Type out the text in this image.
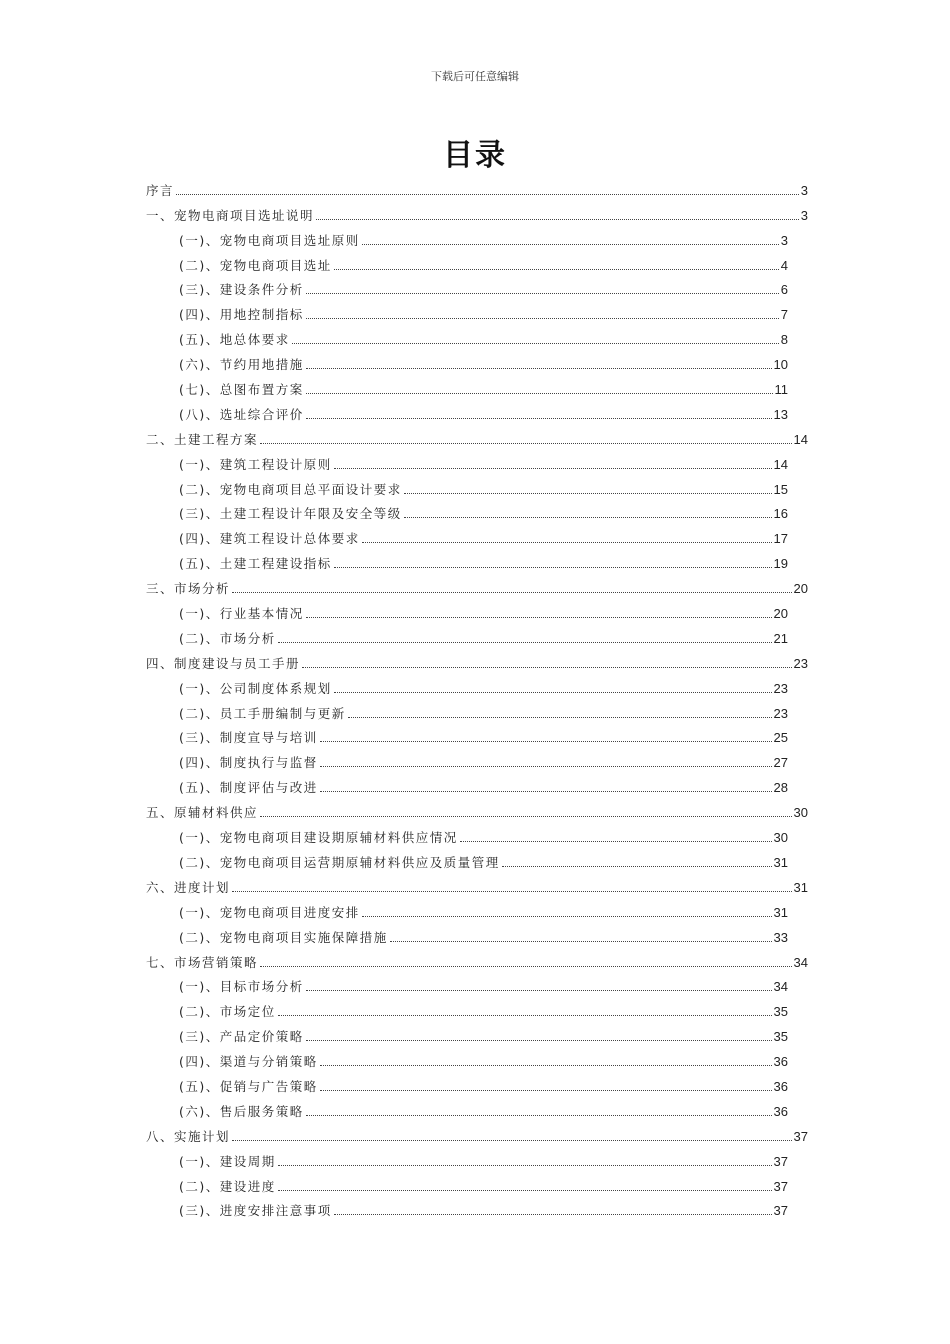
下载后可任意编辑
目录
序言	3
一、宠物电商项目选址说明	3
(一)、宠物电商项目选址原则	3
(二)、宠物电商项目选址	4
(三)、建设条件分析	6
(四)、用地控制指标	7
(五)、地总体要求	8
(六)、节约用地措施	10
(七)、总图布置方案	11
(八)、选址综合评价	13
二、土建工程方案	14
(一)、建筑工程设计原则	14
(二)、宠物电商项目总平面设计要求	15
(三)、土建工程设计年限及安全等级	16
(四)、建筑工程设计总体要求	17
(五)、土建工程建设指标	19
三、市场分析	20
(一)、行业基本情况	20
(二)、市场分析	21
四、制度建设与员工手册	23
(一)、公司制度体系规划	23
(二)、员工手册编制与更新	23
(三)、制度宣导与培训	25
(四)、制度执行与监督	27
(五)、制度评估与改进	28
五、原辅材料供应	30
(一)、宠物电商项目建设期原辅材料供应情况	30
(二)、宠物电商项目运营期原辅材料供应及质量管理	31
六、进度计划	31
(一)、宠物电商项目进度安排	31
(二)、宠物电商项目实施保障措施	33
七、市场营销策略	34
(一)、目标市场分析	34
(二)、市场定位	35
(三)、产品定价策略	35
(四)、渠道与分销策略	36
(五)、促销与广告策略	36
(六)、售后服务策略	36
八、实施计划	37
(一)、建设周期	37
(二)、建设进度	37
(三)、进度安排注意事项	37
